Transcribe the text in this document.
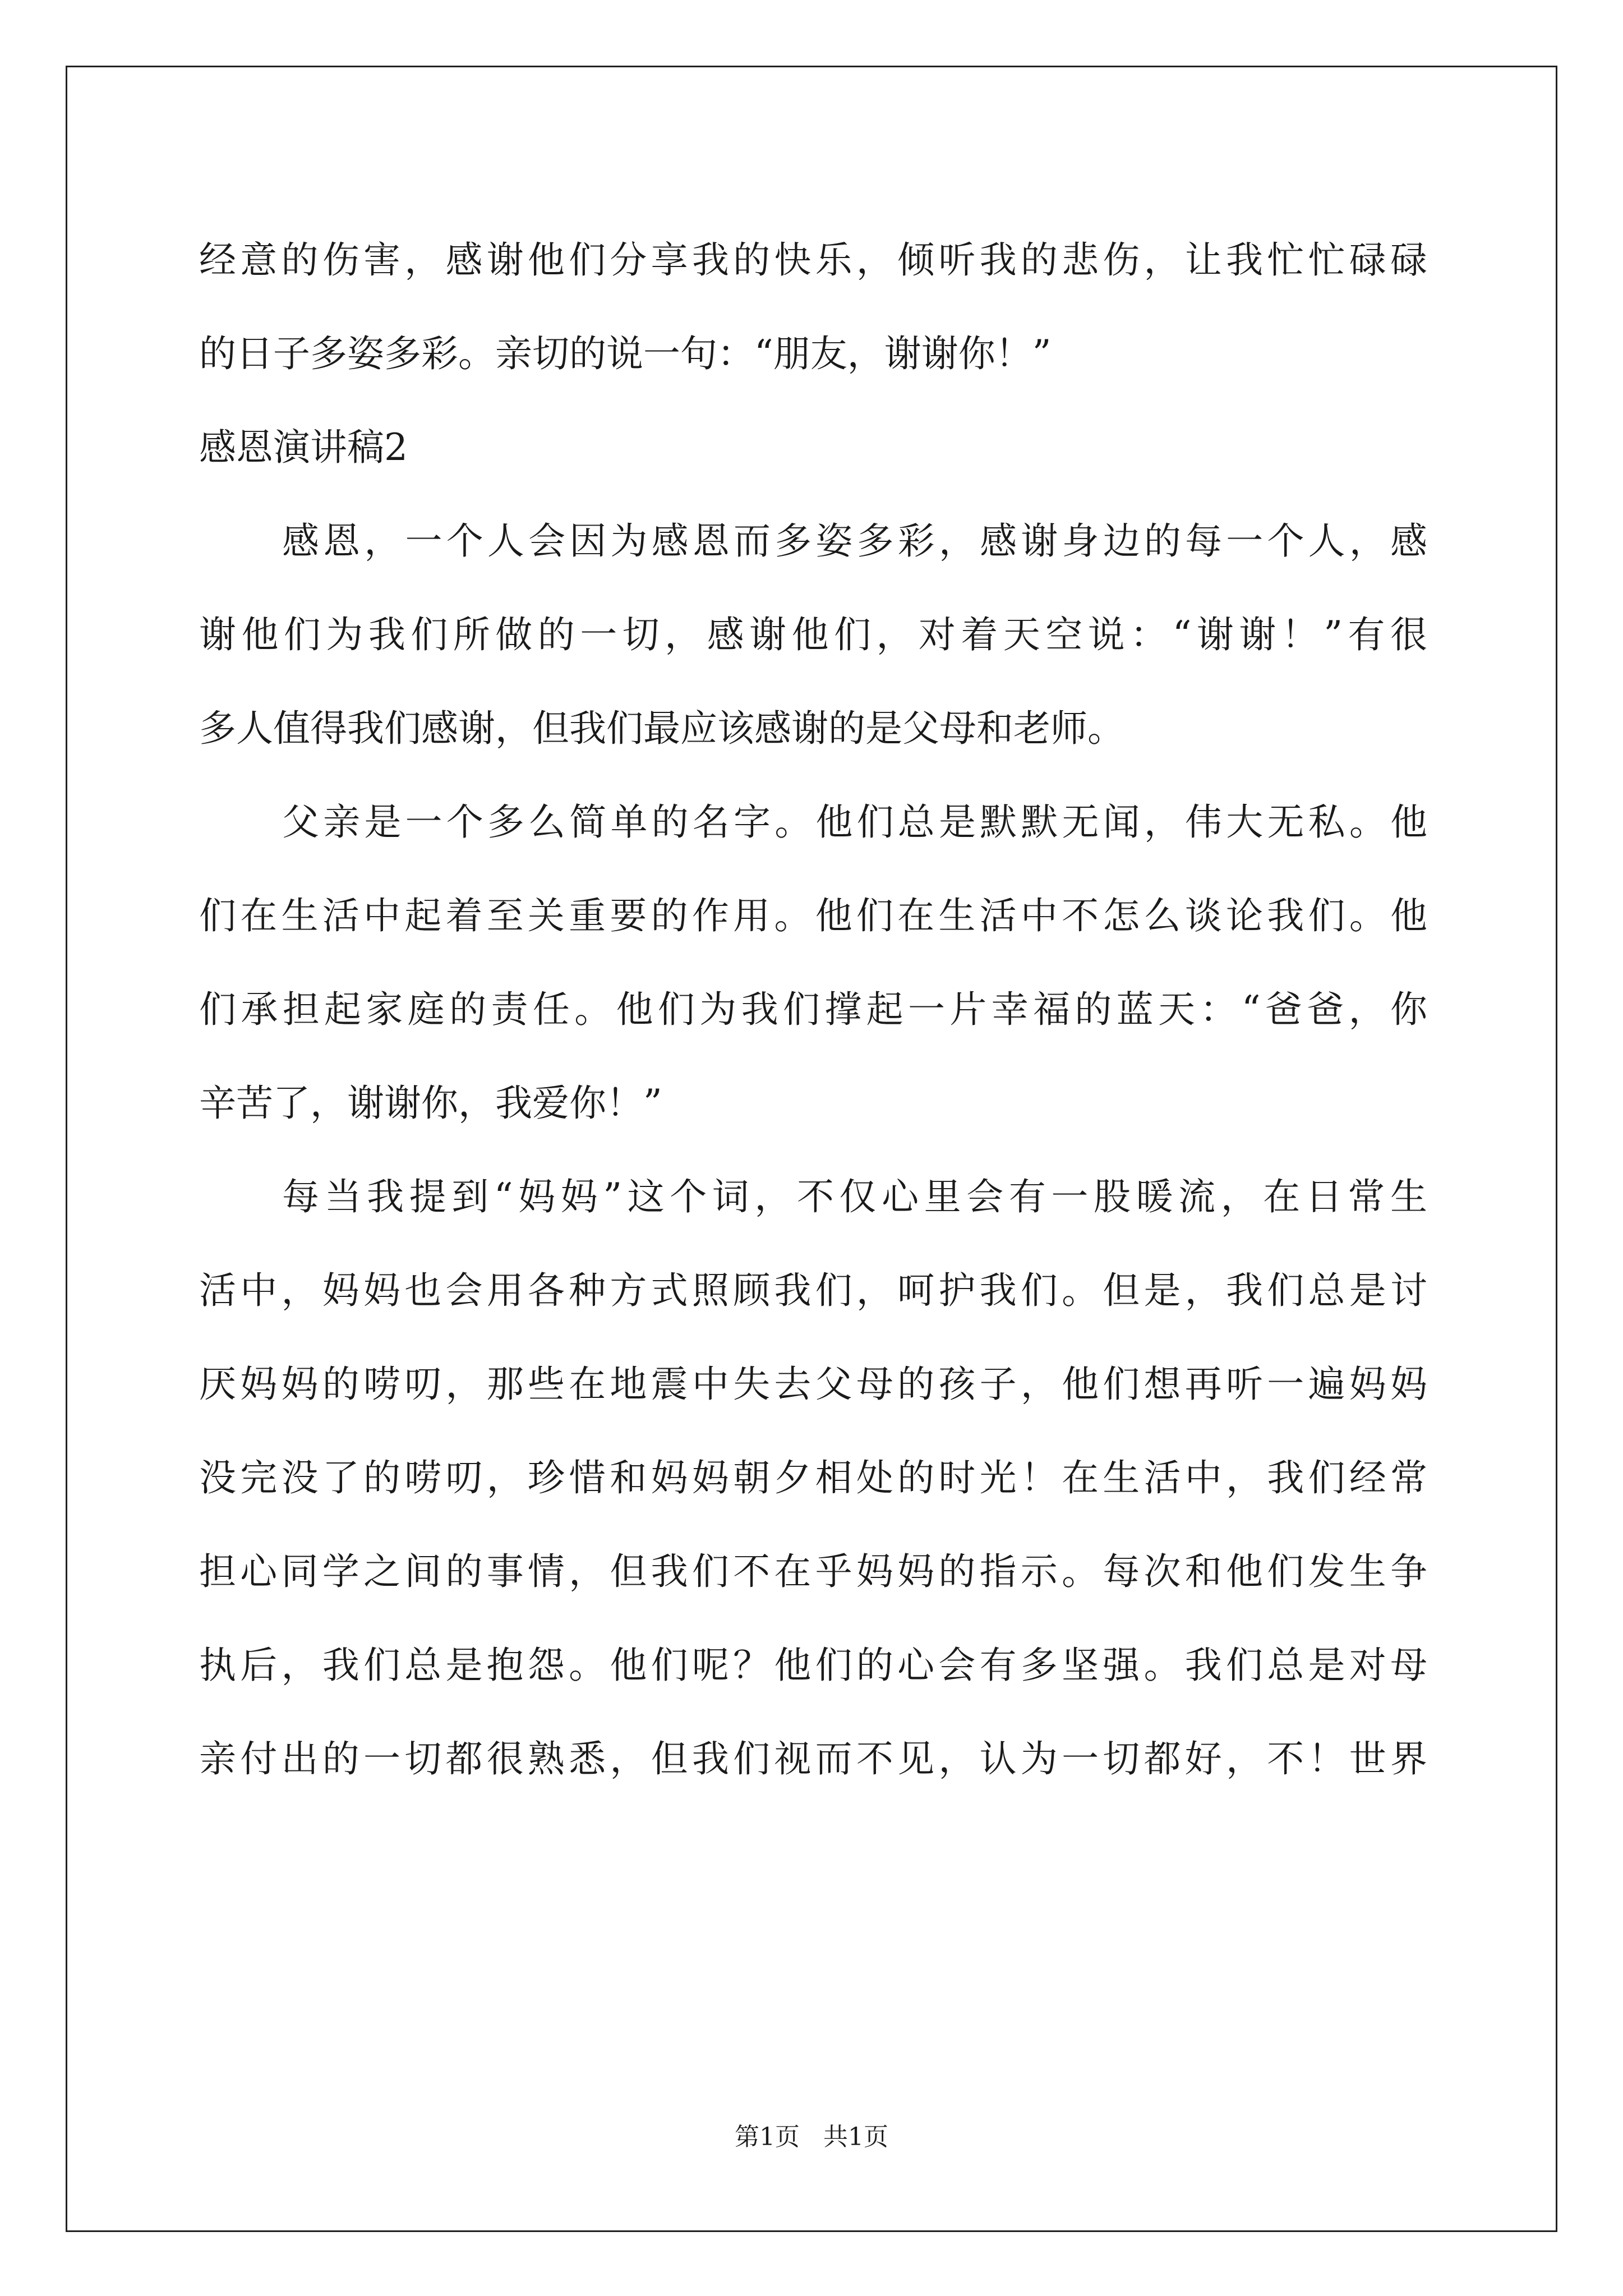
经意的伤害，感谢他们分享我的快乐，倾听我的悲伤，让我忙忙碌碌
的日子多姿多彩。亲切的说一句：“朋友，谢谢你！”
感恩演讲稿2
感恩，一个人会因为感恩而多姿多彩，感谢身边的每一个人，感
谢他们为我们所做的一切，感谢他们，对着天空说：“谢谢！”有很
多人值得我们感谢，但我们最应该感谢的是父母和老师。
父亲是一个多么简单的名字。他们总是默默无闻，伟大无私。他
们在生活中起着至关重要的作用。他们在生活中不怎么谈论我们。他
们承担起家庭的责任。他们为我们撑起一片幸福的蓝天：“爸爸，你
辛苦了，谢谢你，我爱你！”
每当我提到“妈妈”这个词，不仅心里会有一股暖流，在日常生
活中，妈妈也会用各种方式照顾我们，呵护我们。但是，我们总是讨
厌妈妈的唠叨，那些在地震中失去父母的孩子，他们想再听一遍妈妈
没完没了的唠叨，珍惜和妈妈朝夕相处的时光！在生活中，我们经常
担心同学之间的事情，但我们不在乎妈妈的指示。每次和他们发生争
执后，我们总是抱怨。他们呢？他们的心会有多坚强。我们总是对母
亲付出的一切都很熟悉，但我们视而不见，认为一切都好，不！世界
第1页   共1页
